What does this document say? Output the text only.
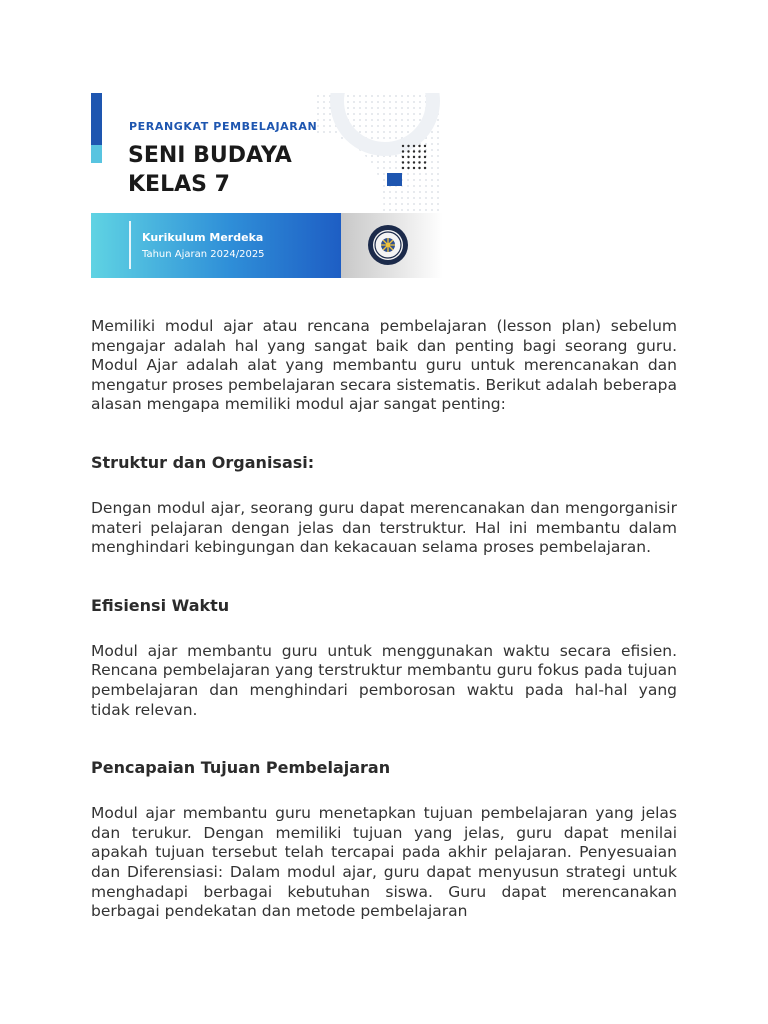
PERANGKAT PEMBELAJARAN
SENI BUDAYA
KELAS 7
Kurikulum Merdeka
Tahun Ajaran 2024/2025

Memiliki modul ajar atau rencana pembelajaran (lesson plan) sebelum mengajar adalah hal yang sangat baik dan penting bagi seorang guru. Modul Ajar adalah alat yang membantu guru untuk merencanakan dan mengatur proses pembelajaran secara sistematis. Berikut adalah beberapa alasan mengapa memiliki modul ajar sangat penting:

Struktur dan Organisasi:

Dengan modul ajar, seorang guru dapat merencanakan dan mengorganisir materi pelajaran dengan jelas dan terstruktur. Hal ini membantu dalam menghindari kebingungan dan kekacauan selama proses pembelajaran.

Efisiensi Waktu

Modul ajar membantu guru untuk menggunakan waktu secara efisien. Rencana pembelajaran yang terstruktur membantu guru fokus pada tujuan pembelajaran dan menghindari pemborosan waktu pada hal-hal yang tidak relevan.

Pencapaian Tujuan Pembelajaran

Modul ajar membantu guru menetapkan tujuan pembelajaran yang jelas dan terukur. Dengan memiliki tujuan yang jelas, guru dapat menilai apakah tujuan tersebut telah tercapai pada akhir pelajaran. Penyesuaian dan Diferensiasi: Dalam modul ajar, guru dapat menyusun strategi untuk menghadapi berbagai kebutuhan siswa. Guru dapat merencanakan berbagai pendekatan dan metode pembelajaran
